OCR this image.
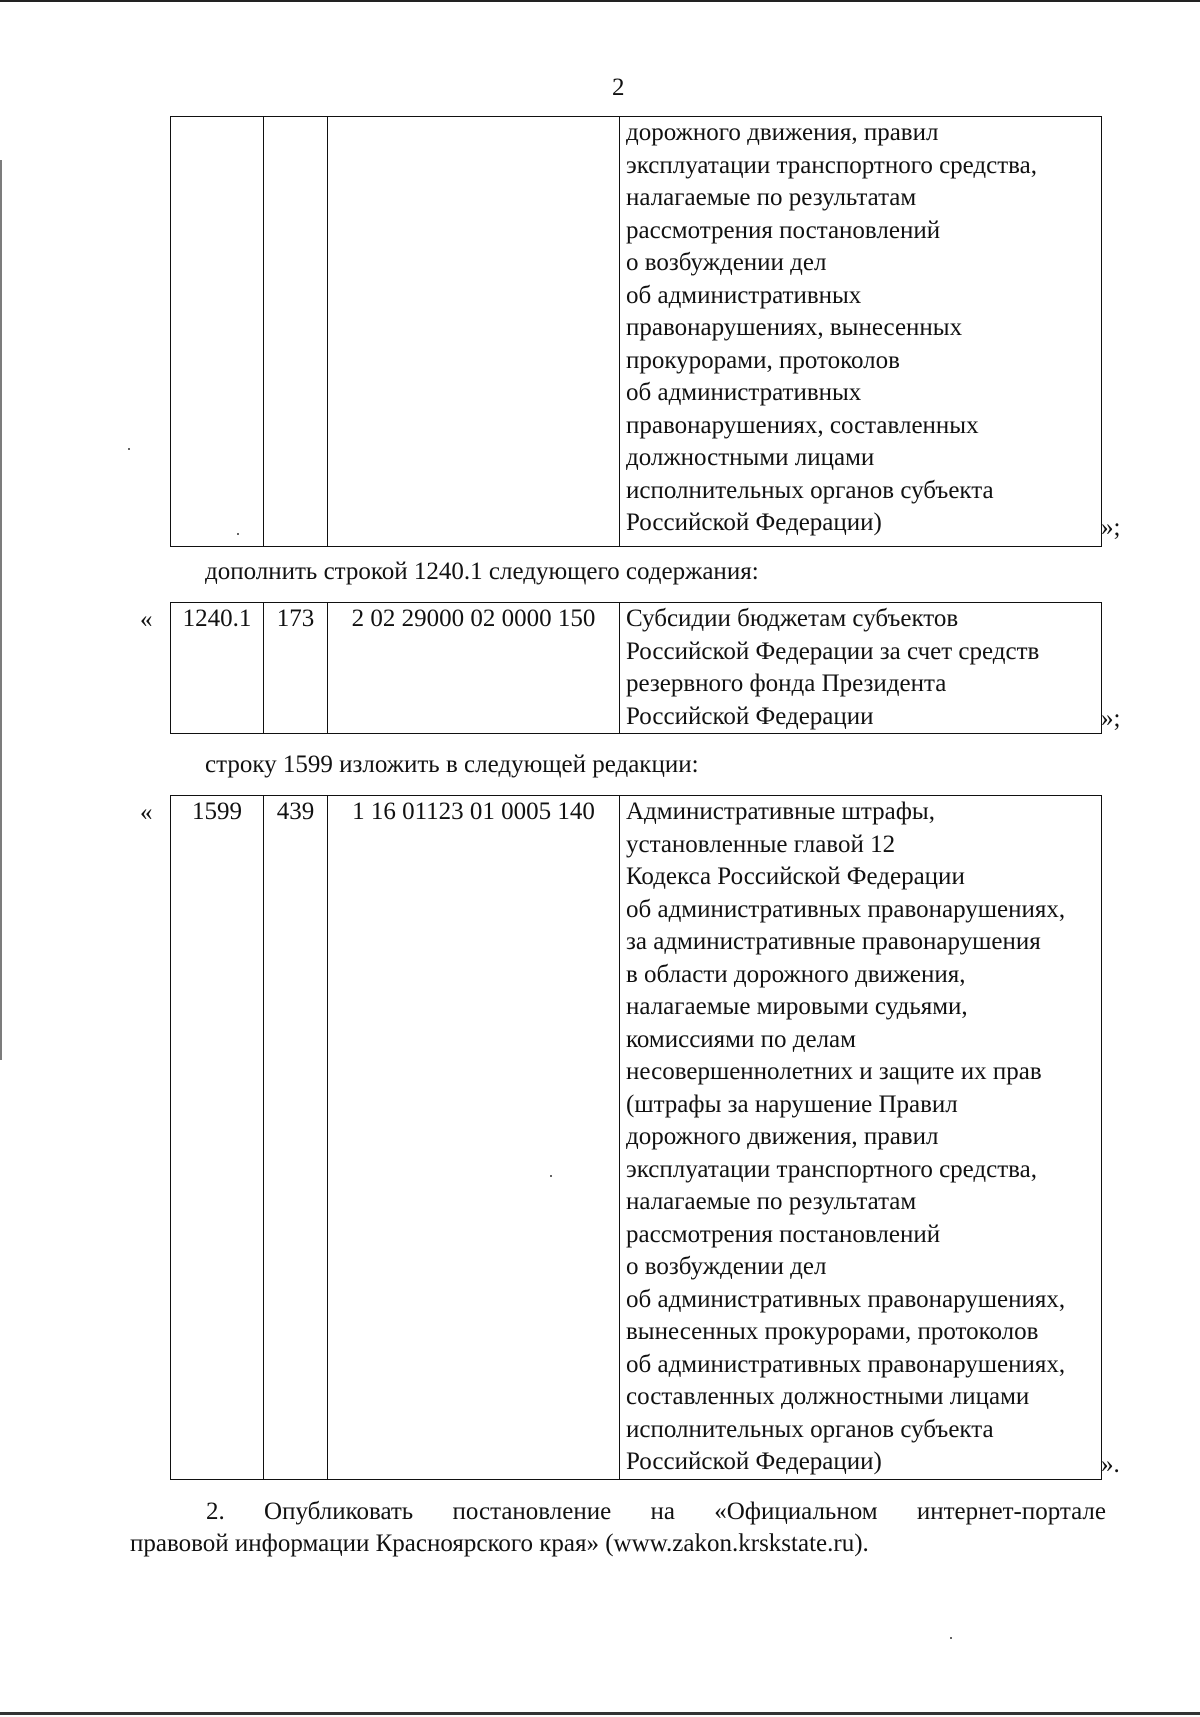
2

дорожного движения, правил
эксплуатации транспортного средства,
налагаемые по результатам
рассмотрения постановлений
о возбуждении дел
об административных
правонарушениях, вынесенных
прокурорами, протоколов
об административных
правонарушениях, составленных
должностными лицами
исполнительных органов субъекта
Российской Федерации)	»;
дополнить строкой 1240.1 следующего содержания:
« 1240.1	173	2 02 29000 02 0000 150	Субсидии бюджетам субъектов
Российской Федерации за счет средств
резервного фонда Президента
Российской Федерации	»;
строку 1599 изложить в следующей редакции:
« 1599	439	1 16 01123 01 0005 140	Административные штрафы,
установленные главой 12
Кодекса Российской Федерации
об административных правонарушениях,
за административные правонарушения
в области дорожного движения,
налагаемые мировыми судьями,
комиссиями по делам
несовершеннолетних и защите их прав
(штрафы за нарушение Правил
дорожного движения, правил
эксплуатации транспортного средства,
налагаемые по результатам
рассмотрения постановлений
о возбуждении дел
об административных правонарушениях,
вынесенных прокурорами, протоколов
об административных правонарушениях,
составленных должностными лицами
исполнительных органов субъекта
Российской Федерации)	».
2. Опубликовать постановление на «Официальном интернет-портале
правовой информации Красноярского края» (www.zakon.krskstate.ru).
